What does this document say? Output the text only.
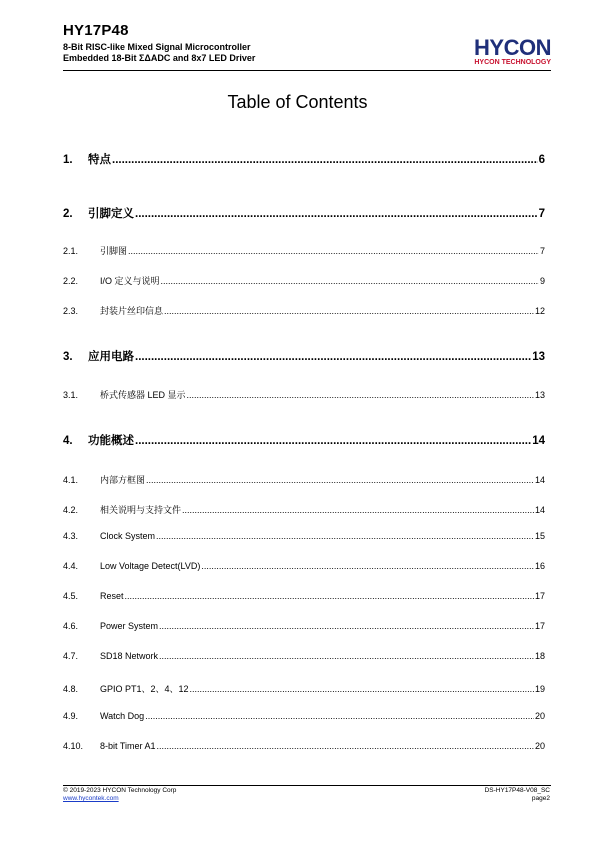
HY17P48
8-Bit RISC-like Mixed Signal Microcontroller
Embedded 18-Bit ΣΔADC and 8x7 LED Driver	HYCON
HYCON TECHNOLOGY
Table of Contents
1.	特点 .....	6
2.	引脚定义 .....	7
2.1.	引脚图 .....	7
2.2.	I/O 定义与说明 .....	9
2.3.	封装片丝印信息 .....	12
3.	应用电路 .....	13
3.1.	桥式传感器 LED 显示 .....	13
4.	功能概述 .....	14
4.1.	内部方框图 .....	14
4.2.	相关说明与支持文件 .....	14
4.3.	Clock System .....	15
4.4.	Low Voltage Detect(LVD) .....	16
4.5.	Reset .....	17
4.6.	Power System .....	17
4.7.	SD18 Network .....	18
4.8.	GPIO PT1、2、4、12 .....	19
4.9.	Watch Dog .....	20
4.10.	8-bit Timer A1 .....	20
© 2019-2023 HYCON Technology Corp
www.hycontek.com
DS-HY17P48-V08_SC
page2
